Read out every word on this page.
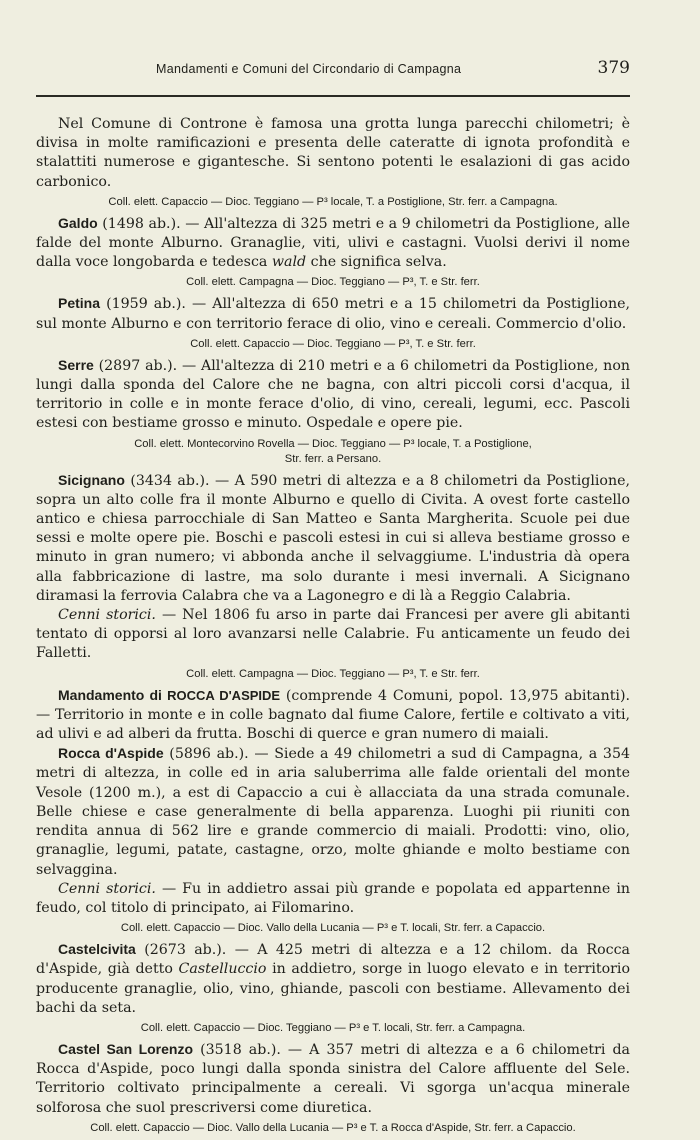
Mandamenti e Comuni del Circondario di Campagna	379

Nel Comune di Controne è famosa una grotta lunga parecchi chilometri; è divisa in molte ramificazioni e presenta delle cateratte di ignota profondità e stalattiti numerose e gigantesche. Si sentono potenti le esalazioni di gas acido carbonico.

Coll. elett. Capaccio — Dioc. Teggiano — P³ locale, T. a Postiglione, Str. ferr. a Campagna.

Galdo (1498 ab.). — All'altezza di 325 metri e a 9 chilometri da Postiglione, alle falde del monte Alburno. Granaglie, viti, ulivi e castagni. Vuolsi derivi il nome dalla voce longobarda e tedesca wald che significa selva.

Coll. elett. Campagna — Dioc. Teggiano — P³, T. e Str. ferr.

Petina (1959 ab.). — All'altezza di 650 metri e a 15 chilometri da Postiglione, sul monte Alburno e con territorio ferace di olio, vino e cereali. Commercio d'olio.

Coll. elett. Capaccio — Dioc. Teggiano — P³, T. e Str. ferr.

Serre (2897 ab.). — All'altezza di 210 metri e a 6 chilometri da Postiglione, non lungi dalla sponda del Calore che ne bagna, con altri piccoli corsi d'acqua, il territorio in colle e in monte ferace d'olio, di vino, cereali, legumi, ecc. Pascoli estesi con bestiame grosso e minuto. Ospedale e opere pie.

Coll. elett. Montecorvino Rovella — Dioc. Teggiano — P³ locale, T. a Postiglione,
Str. ferr. a Persano.

Sicignano (3434 ab.). — A 590 metri di altezza e a 8 chilometri da Postiglione, sopra un alto colle fra il monte Alburno e quello di Civita. A ovest forte castello antico e chiesa parrocchiale di San Matteo e Santa Margherita. Scuole pei due sessi e molte opere pie. Boschi e pascoli estesi in cui si alleva bestiame grosso e minuto in gran numero; vi abbonda anche il selvaggiume. L'industria dà opera alla fabbricazione di lastre, ma solo durante i mesi invernali. A Sicignano diramasi la ferrovia Calabra che va a Lagonegro e di là a Reggio Calabria.

Cenni storici. — Nel 1806 fu arso in parte dai Francesi per avere gli abitanti tentato di opporsi al loro avanzarsi nelle Calabrie. Fu anticamente un feudo dei Falletti.

Coll. elett. Campagna — Dioc. Teggiano — P³, T. e Str. ferr.

Mandamento di ROCCA D'ASPIDE (comprende 4 Comuni, popol. 13,975 abitanti). — Territorio in monte e in colle bagnato dal fiume Calore, fertile e coltivato a viti, ad ulivi e ad alberi da frutta. Boschi di querce e gran numero di maiali.

Rocca d'Aspide (5896 ab.). — Siede a 49 chilometri a sud di Campagna, a 354 metri di altezza, in colle ed in aria saluberrima alle falde orientali del monte Vesole (1200 m.), a est di Capaccio a cui è allacciata da una strada comunale. Belle chiese e case generalmente di bella apparenza. Luoghi pii riuniti con rendita annua di 562 lire e grande commercio di maiali. Prodotti: vino, olio, granaglie, legumi, patate, castagne, orzo, molte ghiande e molto bestiame con selvaggina.

Cenni storici. — Fu in addietro assai più grande e popolata ed appartenne in feudo, col titolo di principato, ai Filomarino.

Coll. elett. Capaccio — Dioc. Vallo della Lucania — P³ e T. locali, Str. ferr. a Capaccio.

Castelcivita (2673 ab.). — A 425 metri di altezza e a 12 chilom. da Rocca d'Aspide, già detto Castelluccio in addietro, sorge in luogo elevato e in territorio producente granaglie, olio, vino, ghiande, pascoli con bestiame. Allevamento dei bachi da seta.

Coll. elett. Capaccio — Dioc. Teggiano — P³ e T. locali, Str. ferr. a Campagna.

Castel San Lorenzo (3518 ab.). — A 357 metri di altezza e a 6 chilometri da Rocca d'Aspide, poco lungi dalla sponda sinistra del Calore affluente del Sele. Territorio coltivato principalmente a cereali. Vi sgorga un'acqua minerale solforosa che suol prescriversi come diuretica.

Coll. elett. Capaccio — Dioc. Vallo della Lucania — P³ e T. a Rocca d'Aspide, Str. ferr. a Capaccio.
